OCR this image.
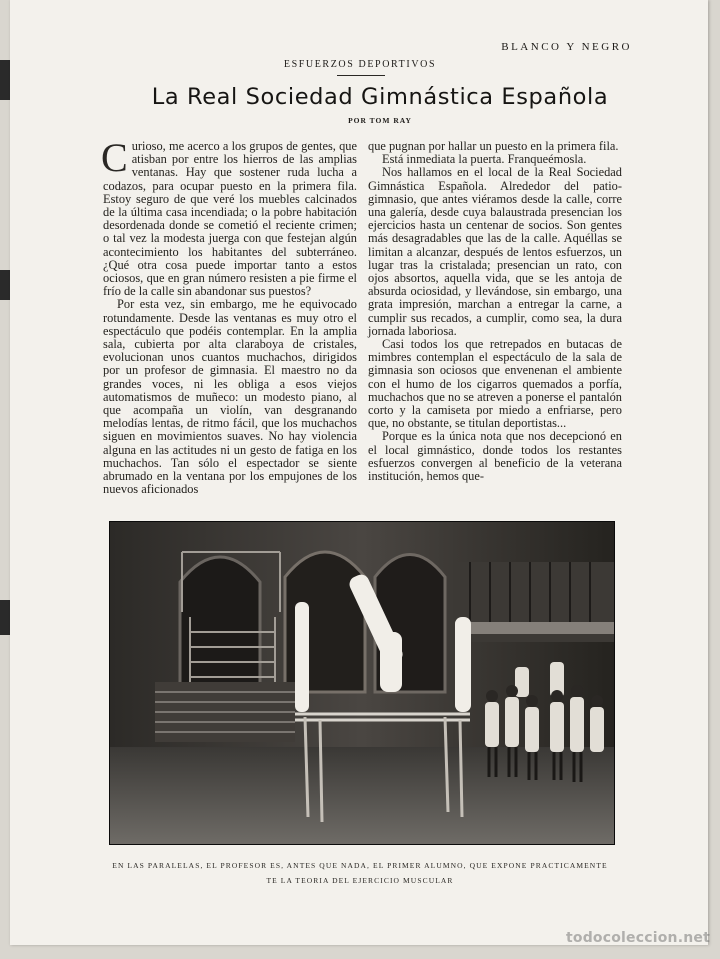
BLANCO Y NEGRO
ESFUERZOS DEPORTIVOS
La Real Sociedad Gimnástica Española
POR TOM RAY

Curioso, me acerco a los grupos de gentes, que atisban por entre los hierros de las amplias ventanas. Hay que sostener ruda lucha a codazos, para ocupar puesto en la primera fila. Estoy seguro de que veré los muebles calcinados de la última casa incendiada; o la pobre habitación desordenada donde se cometió el reciente crimen; o tal vez la modesta juerga con que festejan algún acontecimiento los habitantes del subterráneo. ¿Qué otra cosa puede importar tanto a estos ociosos, que en gran número resisten a pie firme el frío de la calle sin abandonar sus puestos?

Por esta vez, sin embargo, me he equivocado rotundamente. Desde las ventanas es muy otro el espectáculo que podéis contemplar. En la amplia sala, cubierta por alta claraboya de cristales, evolucionan unos cuantos muchachos, dirigidos por un profesor de gimnasia. El maestro no da grandes voces, ni les obliga a esos viejos automatismos de muñeco: un modesto piano, al que acompaña un violín, van desgranando melodías lentas, de ritmo fácil, que los muchachos siguen en movimientos suaves. No hay violencia alguna en las actitudes ni un gesto de fatiga en los muchachos. Tan sólo el espectador se siente abrumado en la ventana por los empujones de los nuevos aficionados

que pugnan por hallar un puesto en la primera fila.

Está inmediata la puerta. Franqueémosla.

Nos hallamos en el local de la Real Sociedad Gimnástica Española. Alrededor del patio-gimnasio, que antes viéramos desde la calle, corre una galería, desde cuya balaustrada presencian los ejercicios hasta un centenar de socios. Son gentes más desagradables que las de la calle. Aquéllas se limitan a alcanzar, después de lentos esfuerzos, un lugar tras la cristalada; presencian un rato, con ojos absortos, aquella vida, que se les antoja de absurda ociosidad, y llevándose, sin embargo, una grata impresión, marchan a entregar la carne, a cumplir sus recados, a cumplir, como sea, la dura jornada laboriosa.

Casi todos los que retrepados en butacas de mimbres contemplan el espectáculo de la sala de gimnasia son ociosos que envenenan el ambiente con el humo de los cigarros quemados a porfía, muchachos que no se atreven a ponerse el pantalón corto y la camiseta por miedo a enfriarse, pero que, no obstante, se titulan deportistas...

Porque es la única nota que nos decepcionó en el local gimnástico, donde todos los restantes esfuerzos convergen al beneficio de la veterana institución, hemos que-

EN LAS PARALELAS, EL PROFESOR ES, ANTES QUE NADA, EL PRIMER ALUMNO, QUE EXPONE PRACTICAMENTE
TE LA TEORIA DEL EJERCICIO MUSCULAR
todocoleccion.net
